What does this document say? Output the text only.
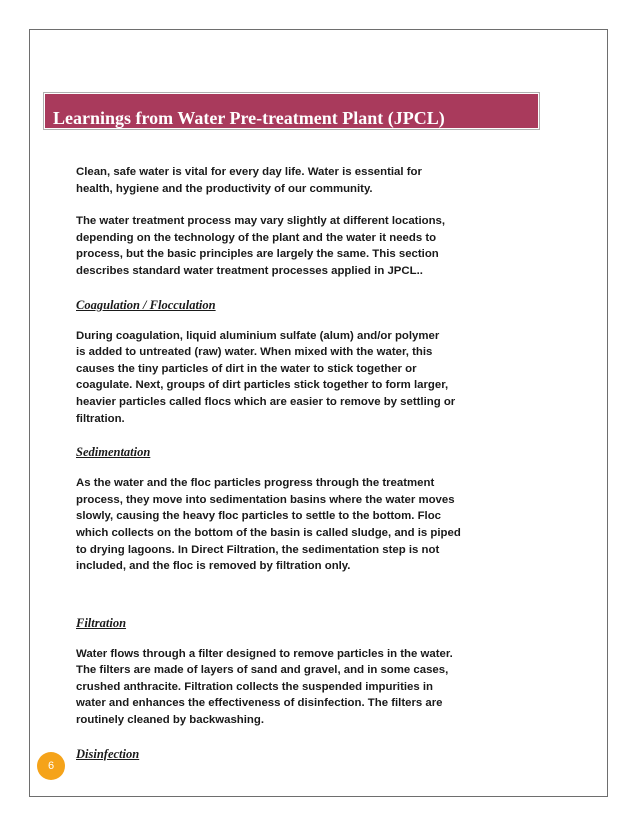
Learnings from Water Pre-treatment Plant (JPCL)

Clean, safe water is vital for every day life. Water is essential for

health, hygiene and the productivity of our community.

The water treatment process may vary slightly at different locations,

depending on the technology of the plant and the water it needs to

process, but the basic principles are largely the same. This section

describes standard water treatment processes applied in JPCL..

Coagulation / Flocculation

During coagulation, liquid aluminium sulfate (alum) and/or polymer

is added to untreated (raw) water. When mixed with the water, this

causes the tiny particles of dirt in the water to stick together or

coagulate. Next, groups of dirt particles stick together to form larger,

heavier particles called flocs which are easier to remove by settling or

filtration.

Sedimentation

As the water and the floc particles progress through the treatment

process, they move into sedimentation basins where the water moves

slowly, causing the heavy floc particles to settle to the bottom. Floc

which collects on the bottom of the basin is called sludge, and is piped

to drying lagoons. In Direct Filtration, the sedimentation step is not

included, and the floc is removed by filtration only.

Filtration

Water flows through a filter designed to remove particles in the water.

The filters are made of layers of sand and gravel, and in some cases,

crushed anthracite. Filtration collects the suspended impurities in

water and enhances the effectiveness of disinfection. The filters are

routinely cleaned by backwashing.

Disinfection
6
